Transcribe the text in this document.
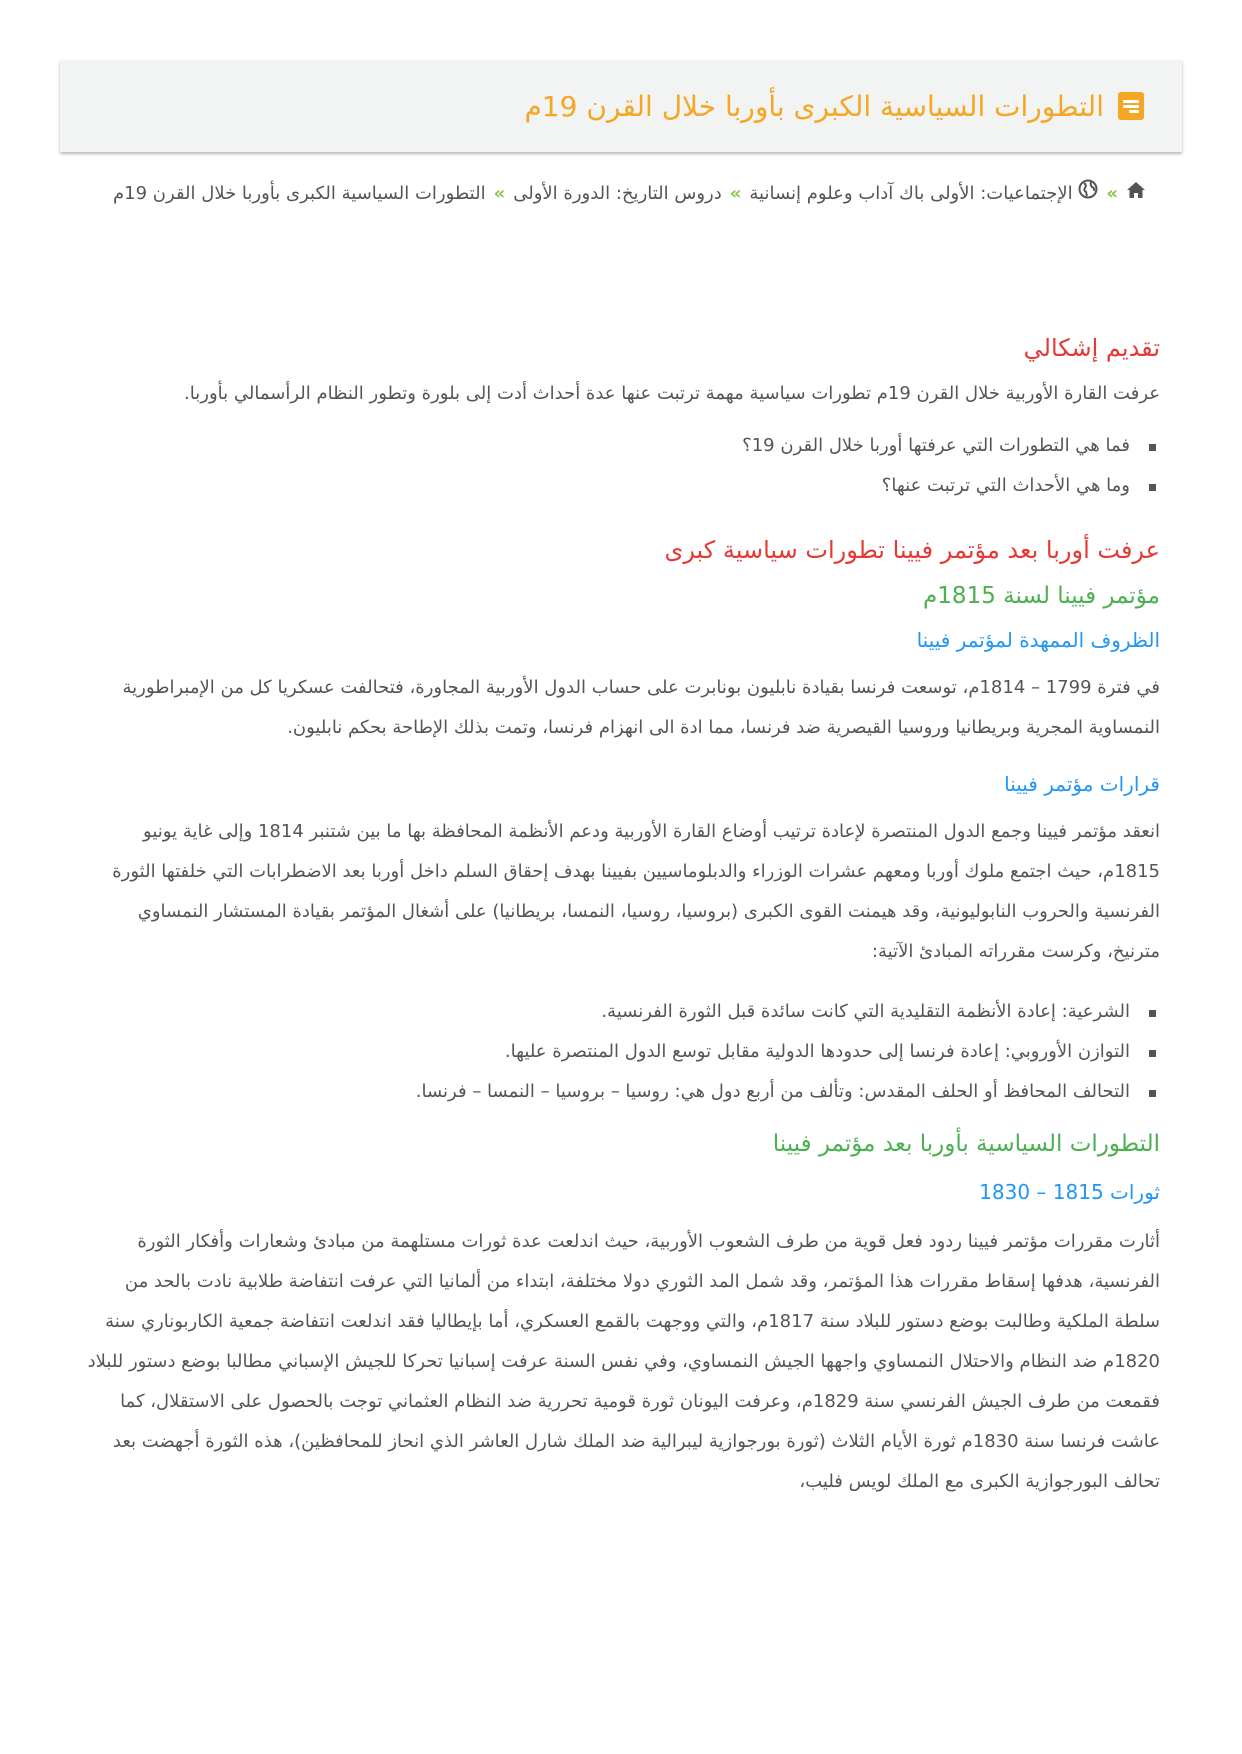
التطورات السياسية الكبرى بأوربا خلال القرن 19م
» الإجتماعيات: الأولى باك آداب وعلوم إنسانية»دروس التاريخ: الدورة الأولى»التطورات السياسية الكبرى بأوربا خلال القرن 19م
تقديم إشكالي

عرفت القارة الأوربية خلال القرن 19م تطورات سياسية مهمة ترتبت عنها عدة أحداث أدت إلى بلورة وتطور النظام الرأسمالي بأوربا.

فما هي التطورات التي عرفتها أوربا خلال القرن 19؟
وما هي الأحداث التي ترتبت عنها؟
عرفت أوربا بعد مؤتمر فيينا تطورات سياسية كبرى
مؤتمر فيينا لسنة 1815م
الظروف الممهدة لمؤتمر فيينا

في فترة 1799 – 1814م، توسعت فرنسا بقيادة نابليون بونابرت على حساب الدول الأوربية المجاورة، فتحالفت عسكريا كل من الإمبراطورية النمساوية المجرية وبريطانيا وروسيا القيصرية ضد فرنسا، مما ادة الى انهزام فرنسا، وتمت بذلك الإطاحة بحكم نابليون.

قرارات مؤتمر فيينا

انعقد مؤتمر فيينا وجمع الدول المنتصرة لإعادة ترتيب أوضاع القارة الأوربية ودعم الأنظمة المحافظة بها ما بين شتنبر 1814 وإلى غاية يونيو 1815م، حيث اجتمع ملوك أوربا ومعهم عشرات الوزراء والدبلوماسيين بفيينا بهدف إحقاق السلم داخل أوربا بعد الاضطرابات التي خلفتها الثورة الفرنسية والحروب النابوليونية، وقد هيمنت القوى الكبرى (بروسيا، روسيا، النمسا، بريطانيا) على أشغال المؤتمر بقيادة المستشار النمساوي مترنيخ، وكرست مقرراته المبادئ الآتية:

الشرعية: إعادة الأنظمة التقليدية التي كانت سائدة قبل الثورة الفرنسية.
التوازن الأوروبي: إعادة فرنسا إلى حدودها الدولية مقابل توسع الدول المنتصرة عليها.
التحالف المحافظ أو الحلف المقدس: وتألف من أربع دول هي: روسيا – بروسيا – النمسا – فرنسا.
التطورات السياسية بأوربا بعد مؤتمر فيينا
ثورات 1815 – 1830

أثارت مقررات مؤتمر فيينا ردود فعل قوية من طرف الشعوب الأوربية، حيث اندلعت عدة ثورات مستلهمة من مبادئ وشعارات وأفكار الثورة الفرنسية، هدفها إسقاط مقررات هذا المؤتمر، وقد شمل المد الثوري دولا مختلفة، ابتداء من ألمانيا التي عرفت انتفاضة طلابية نادت بالحد من سلطة الملكية وطالبت بوضع دستور للبلاد سنة 1817م، والتي ووجهت بالقمع العسكري، أما بإيطاليا فقد اندلعت انتفاضة جمعية الكاربوناري سنة 1820م ضد النظام والاحتلال النمساوي واجهها الجيش النمساوي، وفي نفس السنة عرفت إسبانيا تحركا للجيش الإسباني مطالبا بوضع دستور للبلاد فقمعت من طرف الجيش الفرنسي سنة 1829م، وعرفت اليونان ثورة قومية تحررية ضد النظام العثماني توجت بالحصول على الاستقلال، كما عاشت فرنسا سنة 1830م ثورة الأيام الثلاث (ثورة بورجوازية ليبرالية ضد الملك شارل العاشر الذي انحاز للمحافظين)، هذه الثورة أجهضت بعد تحالف البورجوازية الكبرى مع الملك لويس فليب،
